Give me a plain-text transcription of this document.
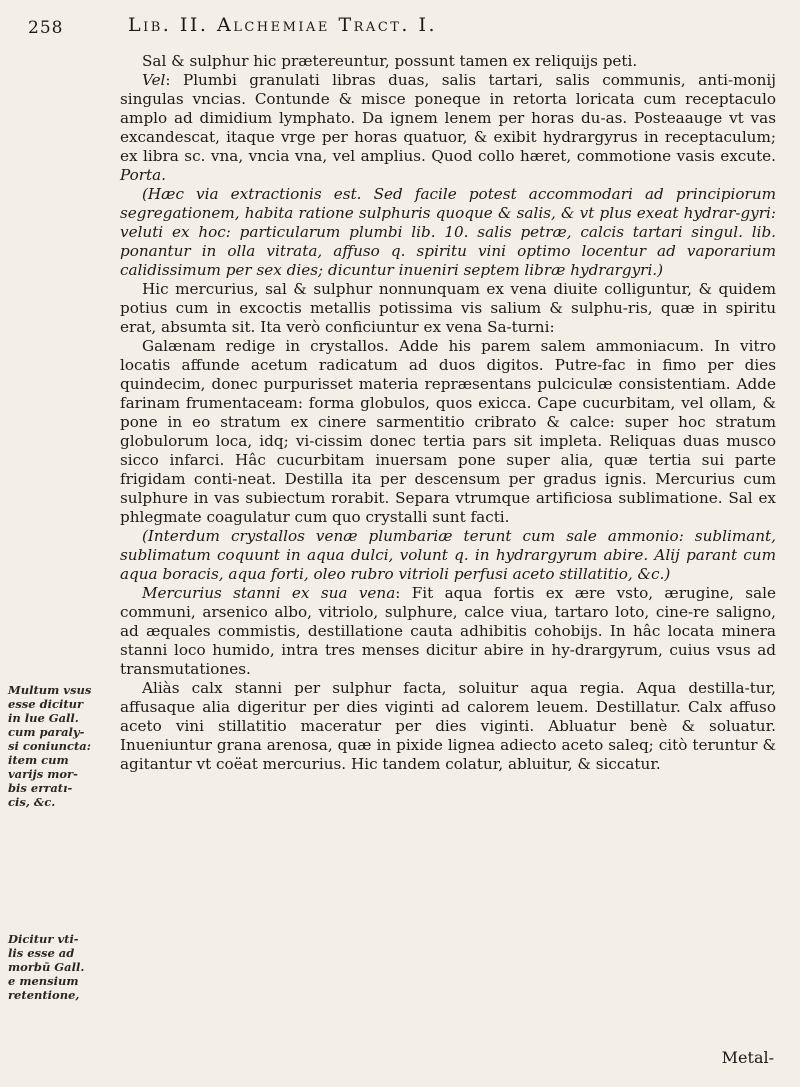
258	Lib. II. Alchemiae Tract. I.

Sal & sulphur hic prætereuntur, possunt tamen ex reliquijs peti.

Vel: Plumbi granulati libras duas, salis tartari, salis communis, anti-monij singulas vncias. Contunde & misce poneque in retorta loricata cum receptaculo amplo ad dimidium lymphato. Da ignem lenem per horas du-as. Posteaauge vt vas excandescat, itaque vrge per horas quatuor, & exibit hydrargyrus in receptaculum; ex libra sc. vna, vncia vna, vel amplius. Quod collo hæret, commotione vasis excute. Porta.

(Hæc via extractionis est. Sed facile potest accommodari ad principiorum segregationem, habita ratione sulphuris quoque & salis, & vt plus exeat hydrar-gyri: veluti ex hoc: particularum plumbi lib. 10. salis petræ, calcis tartari singul. lib. ponantur in olla vitrata, affuso q. spiritu vini optimo locentur ad vaporarium calidissimum per sex dies; dicuntur inueniri septem libræ hydrargyri.)

Hic mercurius, sal & sulphur nonnunquam ex vena diuite colliguntur, & quidem potius cum in excoctis metallis potissima vis salium & sulphu-ris, quæ in spiritu erat, absumta sit. Ita verò conficiuntur ex vena Sa-turni:

Galænam redige in crystallos. Adde his parem salem ammoniacum. In vitro locatis affunde acetum radicatum ad duos digitos. Putre-fac in fimo per dies quindecim, donec purpurisset materia repræsentans pulciculæ consistentiam. Adde farinam frumentaceam: forma globulos, quos exicca. Cape cucurbitam, vel ollam, & pone in eo stratum ex cinere sarmentitio cribrato & calce: super hoc stratum globulorum loca, idq; vi-cissim donec tertia pars sit impleta. Reliquas duas musco sicco infarci. Hâc cucurbitam inuersam pone super alia, quæ tertia sui parte frigidam conti-neat. Destilla ita per descensum per gradus ignis. Mercurius cum sulphure in vas subiectum rorabit. Separa vtrumque artificiosa sublimatione. Sal ex phlegmate coagulatur cum quo crystalli sunt facti.

(Interdum crystallos venæ plumbariæ terunt cum sale ammonio: sublimant, sublimatum coquunt in aqua dulci, volunt q. in hydrargyrum abire. Alij parant cum aqua boracis, aqua forti, oleo rubro vitrioli perfusi aceto stillatitio, &c.)

Mercurius stanni ex sua vena: Fit aqua fortis ex ære vsto, ærugine, sale communi, arsenico albo, vitriolo, sulphure, calce viua, tartaro loto, cine-re saligno, ad æquales commistis, destillatione cauta adhibitis cohobijs. In hâc locata minera stanni loco humido, intra tres menses dicitur abire in hy-drargyrum, cuius vsus ad transmutationes.

Aliàs calx stanni per sulphur facta, soluitur aqua regia. Aqua destilla-tur, affusaque alia digeritur per dies viginti ad calorem leuem. Destillatur. Calx affuso aceto vini stillatitio maceratur per dies viginti. Abluatur benè & soluatur. Inueniuntur grana arenosa, quæ in pixide lignea adiecto aceto saleq; citò teruntur & agitantur vt coëat mercurius. Hic tandem colatur, abluitur, & siccatur.

Multum vsus
esse dicitur
in lue Gall.
cum paraly-
si coniuncta:
item cum
varijs mor-
bis erratı-
cis, &c.
Dicitur vti-
lis esse ad
morbū Gall.
e mensium
retentione,
Metal-
